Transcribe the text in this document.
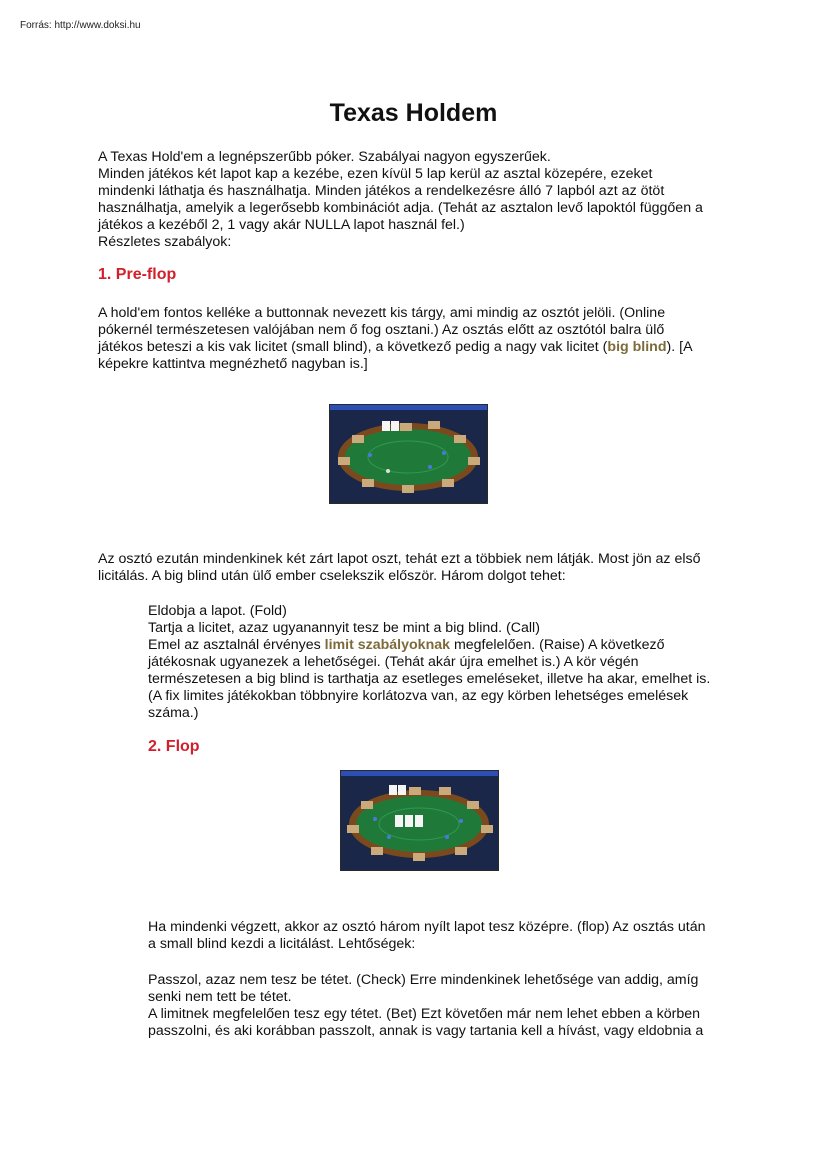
Forrás: http://www.doksi.hu
Texas Holdem
A Texas Hold'em a legnépszerűbb póker. Szabályai nagyon egyszerűek.
Minden játékos két lapot kap a kezébe, ezen kívül 5 lap kerül az asztal közepére, ezeket
mindenki láthatja és használhatja. Minden játékos a rendelkezésre álló 7 lapból azt az ötöt
használhatja, amelyik a legerősebb kombinációt adja. (Tehát az asztalon levő lapoktól függően a
játékos a kezéből 2, 1 vagy akár NULLA lapot használ fel.)
Részletes szabályok:
1. Pre-flop
A hold'em fontos kelléke a buttonnak nevezett kis tárgy, ami mindig az osztót jelöli. (Online
pókernél természetesen valójában nem ő fog osztani.) Az osztás előtt az osztótól balra ülő
játékos beteszi a kis vak licitet (small blind), a következő pedig a nagy vak licitet (big blind). [A
képekre kattintva megnézhető nagyban is.]
Az osztó ezután mindenkinek két zárt lapot oszt, tehát ezt a többiek nem látják. Most jön az első
licitálás. A big blind után ülő ember cselekszik először. Három dolgot tehet:
Eldobja a lapot. (Fold)
Tartja a licitet, azaz ugyanannyit tesz be mint a big blind. (Call)
Emel az asztalnál érvényes limit szabályoknak megfelelően. (Raise) A következő
játékosnak ugyanezek a lehetőségei. (Tehát akár újra emelhet is.) A kör végén
természetesen a big blind is tarthatja az esetleges emeléseket, illetve ha akar, emelhet is.
(A fix limites játékokban többnyire korlátozva van, az egy körben lehetséges emelések
száma.)
2. Flop
Ha mindenki végzett, akkor az osztó három nyílt lapot tesz középre. (flop) Az osztás után
a small blind kezdi a licitálást. Lehtőségek:
Passzol, azaz nem tesz be tétet. (Check) Erre mindenkinek lehetősége van addig, amíg
senki nem tett be tétet.
A limitnek megfelelően tesz egy tétet. (Bet) Ezt követően már nem lehet ebben a körben
passzolni, és aki korábban passzolt, annak is vagy tartania kell a hívást, vagy eldobnia a
